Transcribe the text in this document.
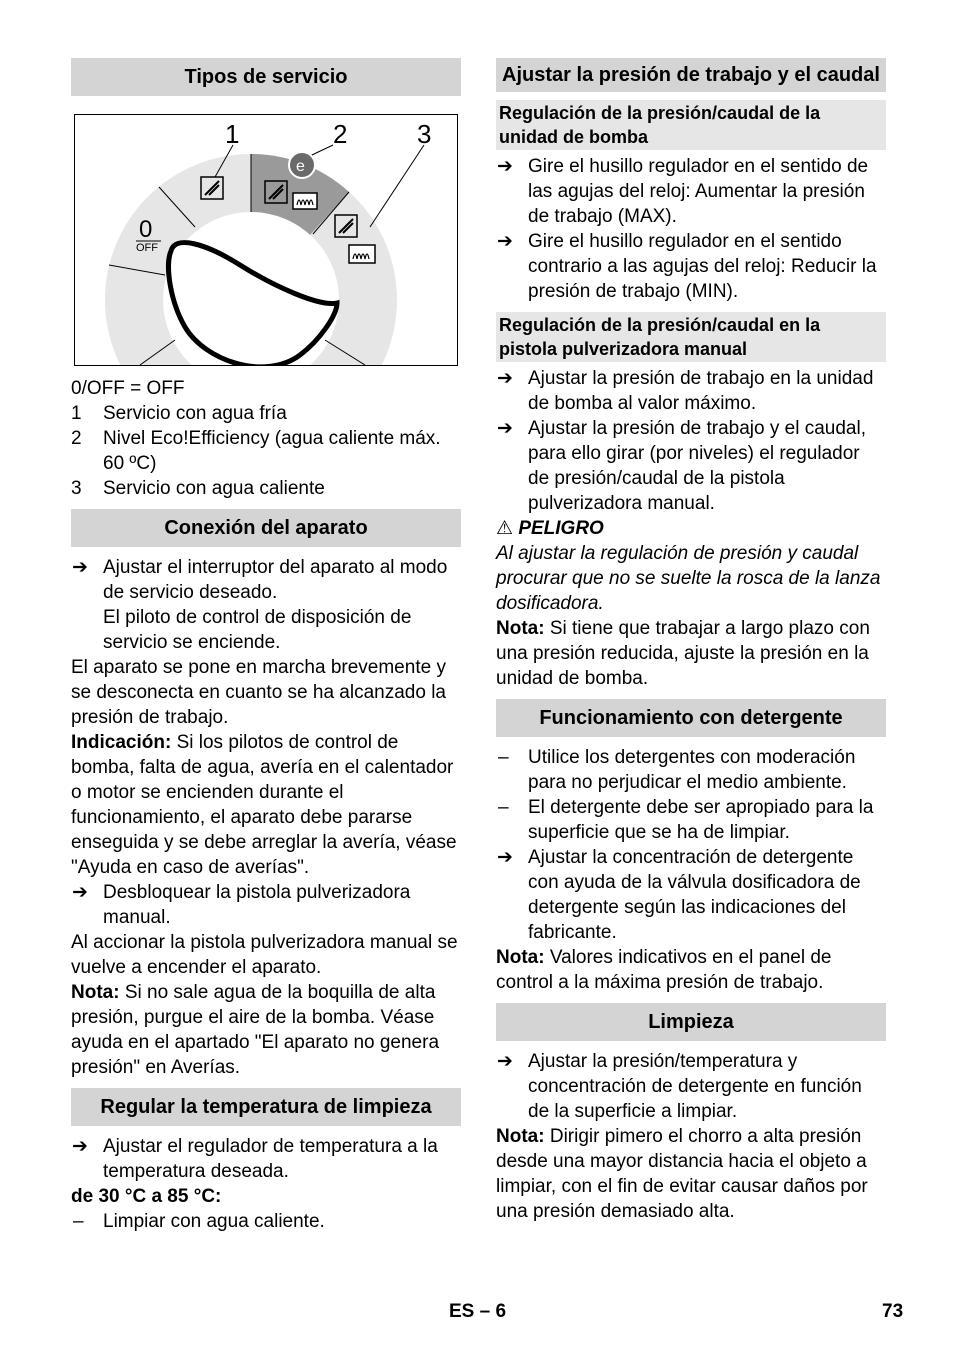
Tipos de servicio
1	2	3
0
OFF
e

0/OFF = OFF

1 Servicio con agua fría
2 Nivel Eco!Efficiency (agua caliente máx. 60 ºC)
3 Servicio con agua caliente
Conexión del aparato
➔ Ajustar el interruptor del aparato al modo de servicio deseado.

El piloto de control de disposición de servicio se enciende.

El aparato se pone en marcha brevemente y se desconecta en cuanto se ha alcanzado la presión de trabajo.

Indicación: Si los pilotos de control de bomba, falta de agua, avería en el calentador o motor se encienden durante el funcionamiento, el aparato debe pararse enseguida y se debe arreglar la avería, véase "Ayuda en caso de averías".

➔ Desbloquear la pistola pulverizadora manual.

Al accionar la pistola pulverizadora manual se vuelve a encender el aparato.

Nota: Si no sale agua de la boquilla de alta presión, purgue el aire de la bomba. Véase ayuda en el apartado "El aparato no genera presión" en Averías.

Regular la temperatura de limpieza
➔ Ajustar el regulador de temperatura a la temperatura deseada.

de 30 °C a 85 °C:

– Limpiar con agua caliente.
Ajustar la presión de trabajo y el caudal
Regulación de la presión/caudal de la unidad de bomba
➔ Gire el husillo regulador en el sentido de las agujas del reloj: Aumentar la presión de trabajo (MAX).
➔ Gire el husillo regulador en el sentido contrario a las agujas del reloj: Reducir la presión de trabajo (MIN).
Regulación de la presión/caudal en la pistola pulverizadora manual
➔ Ajustar la presión de trabajo en la unidad de bomba al valor máximo.
➔ Ajustar la presión de trabajo y el caudal, para ello girar (por niveles) el regulador de presión/caudal de la pistola pulverizadora manual.

⚠ PELIGRO

Al ajustar la regulación de presión y caudal procurar que no se suelte la rosca de la lanza dosificadora.

Nota: Si tiene que trabajar a largo plazo con una presión reducida, ajuste la presión en la unidad de bomba.

Funcionamiento con detergente
– Utilice los detergentes con moderación para no perjudicar el medio ambiente.
– El detergente debe ser apropiado para la superficie que se ha de limpiar.
➔ Ajustar la concentración de detergente con ayuda de la válvula dosificadora de detergente según las indicaciones del fabricante.

Nota: Valores indicativos en el panel de control a la máxima presión de trabajo.

Limpieza
➔ Ajustar la presión/temperatura y concentración de detergente en función de la superficie a limpiar.

Nota: Dirigir pimero el chorro a alta presión desde una mayor distancia hacia el objeto a limpiar, con el fin de evitar causar daños por una presión demasiado alta.

ES – 6	73
